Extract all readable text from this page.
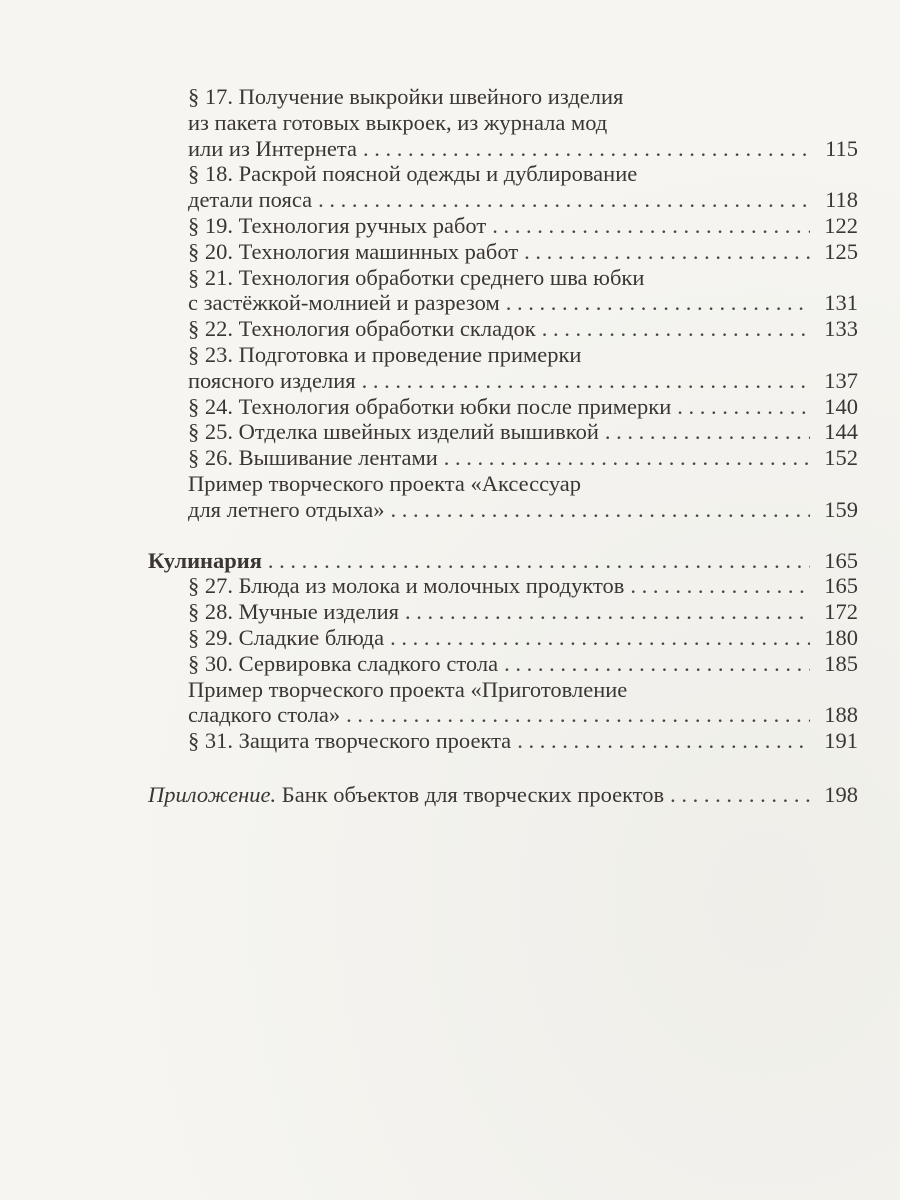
§ 17. Получение выкройки швейного изделия
из пакета готовых выкроек, из журнала мод
или из Интернета . . .	115
§ 18. Раскрой поясной одежды и дублирование
детали пояса . . .	118
§ 19. Технология ручных работ . . .	122
§ 20. Технология машинных работ . . .	125
§ 21. Технология обработки среднего шва юбки
с застёжкой-молнией и разрезом . . .	131
§ 22. Технология обработки складок . . .	133
§ 23. Подготовка и проведение примерки
поясного изделия . . .	137
§ 24. Технология обработки юбки после примерки . . .	140
§ 25. Отделка швейных изделий вышивкой . . .	144
§ 26. Вышивание лентами . . .	152
Пример творческого проекта «Аксессуар
для летнего отдыха» . . .	159
Кулинария . . .	165
§ 27. Блюда из молока и молочных продуктов . . .	165
§ 28. Мучные изделия . . .	172
§ 29. Сладкие блюда . . .	180
§ 30. Сервировка сладкого стола . . .	185
Пример творческого проекта «Приготовление
сладкого стола» . . .	188
§ 31. Защита творческого проекта . . .	191
Приложение. Банк объектов для творческих проектов . . .	198
